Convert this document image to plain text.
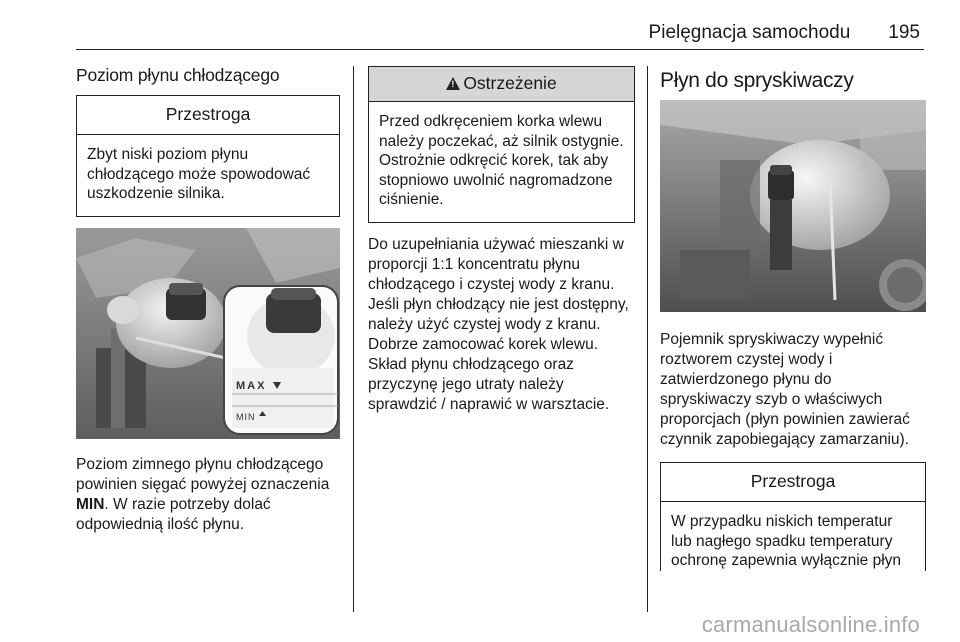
Pielęgnacja samochodu 195
Poziom płynu chłodzącego
Przestroga
Zbyt niski poziom płynu chłodzącego może spowodować uszkodzenie silnika.
MAX
MIN

Poziom zimnego płynu chłodzącego powinien sięgać powyżej oznaczenia MIN. W razie potrzeby dolać odpowiednią ilość płynu.

!Ostrzeżenie
Przed odkręceniem korka wlewu należy poczekać, aż silnik ostygnie. Ostrożnie odkręcić korek, tak aby stopniowo uwolnić nagromadzone ciśnienie.

Do uzupełniania używać mieszanki w proporcji 1:1 koncentratu płynu chłodzącego i czystej wody z kranu. Jeśli płyn chłodzący nie jest dostępny, należy użyć czystej wody z kranu. Dobrze zamocować korek wlewu. Skład płynu chłodzącego oraz przyczynę jego utraty należy sprawdzić / naprawić w warsztacie.

Płyn do spryskiwaczy

Pojemnik spryskiwaczy wypełnić roztworem czystej wody i zatwierdzonego płynu do spryskiwaczy szyb o właściwych proporcjach (płyn powinien zawierać czynnik zapobiegający zamarzaniu).

Przestroga
W przypadku niskich temperatur lub nagłego spadku temperatury ochronę zapewnia wyłącznie płyn
carmanualsonline.info
